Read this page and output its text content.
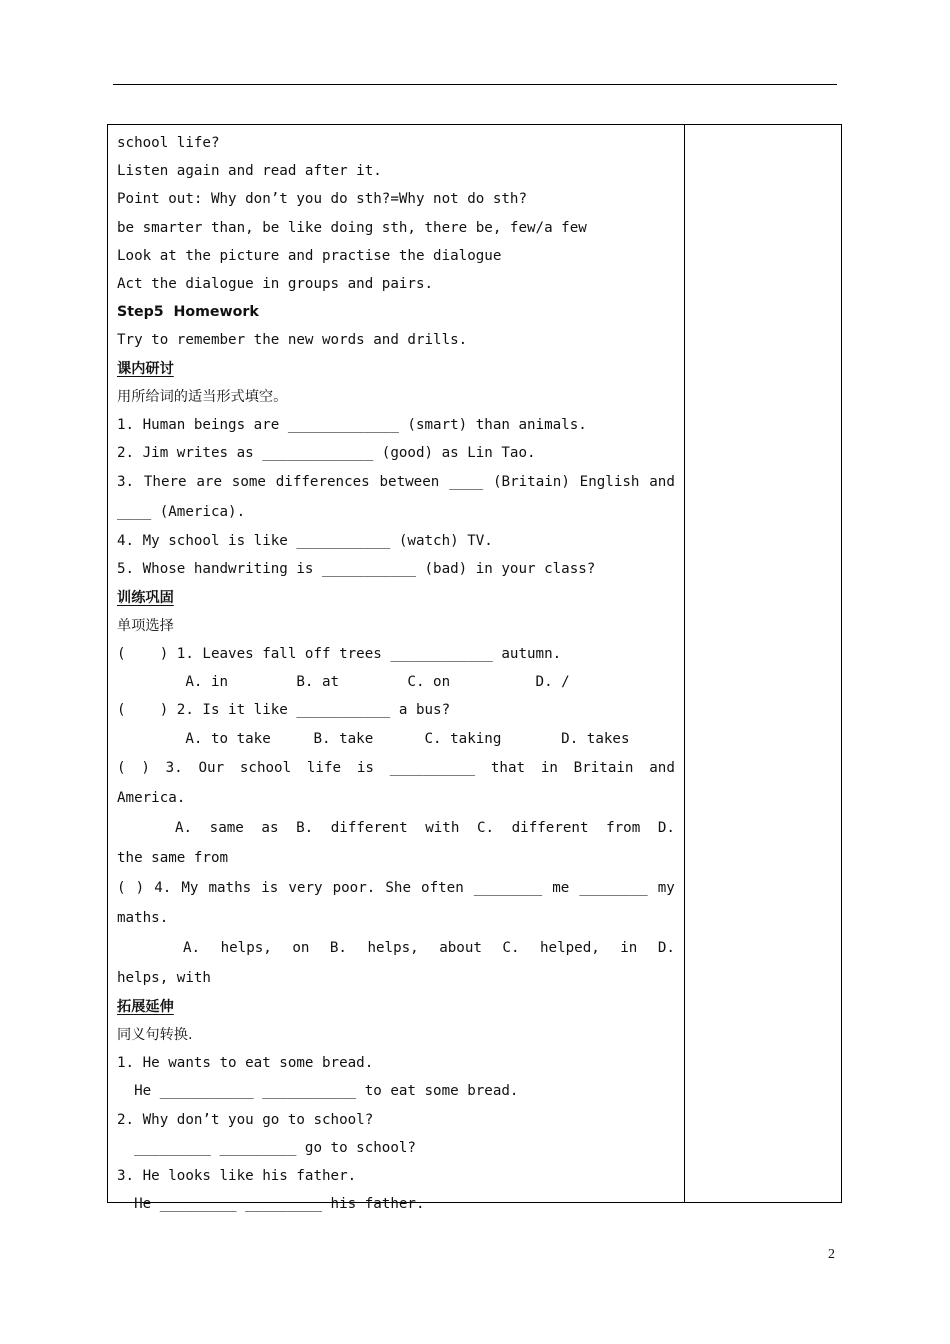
school life?
Listen again and read after it.
Point out: Why don’t you do sth?=Why not do sth?
be smarter than, be like doing sth, there be, few/a few
Look at the picture and practise the dialogue
Act the dialogue in groups and pairs.
Step5  Homework
Try to remember the new words and drills.
课内研讨
用所给词的适当形式填空。
1. Human beings are _____________ (smart) than animals.
2. Jim writes as _____________ (good) as Lin Tao.
3. There are some differences between ____ (Britain) English and
____ (America).
4. My school is like ___________ (watch) TV.
5. Whose handwriting is ___________ (bad) in your class?
训练巩固
单项选择
(    ) 1. Leaves fall off trees ____________ autumn.
A. in        B. at        C. on          D. /
(    ) 2. Is it like ___________ a bus?
A. to take     B. take      C. taking       D. takes
( ) 3. Our school life is __________ that in Britain and
America.
A. same as B. different with C. different from D.
the same from
( ) 4. My maths is very poor. She often ________ me ________ my
maths.
A. helps, on B. helps, about C. helped, in D.
helps, with
拓展延伸
同义句转换.
1. He wants to eat some bread.
He ___________ ___________ to eat some bread.
2. Why don’t you go to school?
_________ _________ go to school?
3. He looks like his father.
He _________ _________ his father.
2
